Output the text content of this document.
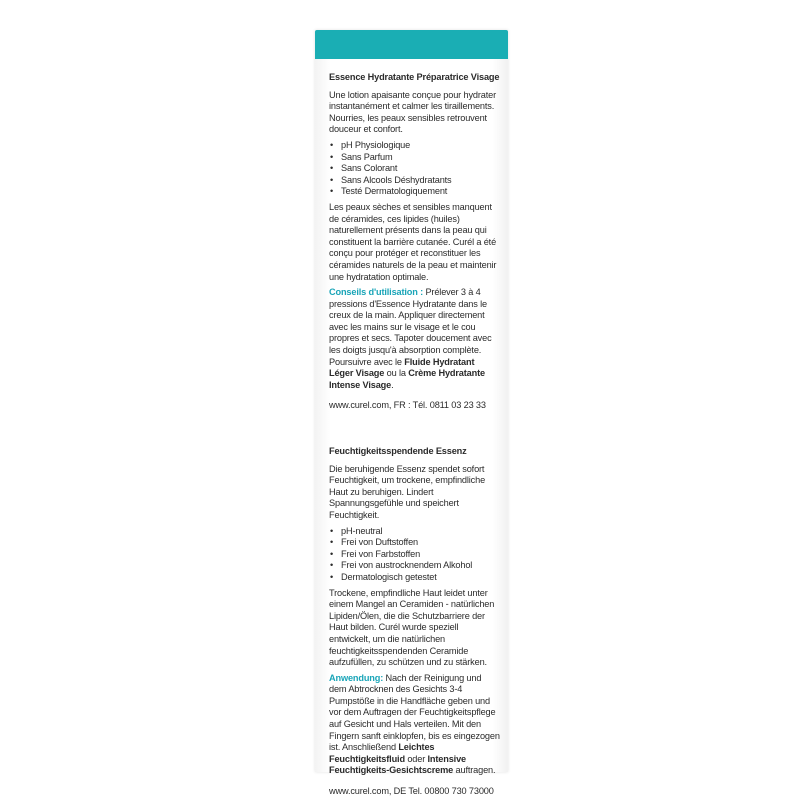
Essence Hydratante Préparatrice Visage
Une lotion apaisante conçue pour hydrater instantanément et calmer les tiraillements. Nourries, les peaux sensibles retrouvent douceur et confort.
• pH Physiologique
• Sans Parfum
• Sans Colorant
• Sans Alcools Déshydratants
• Testé Dermatologiquement
Les peaux sèches et sensibles manquent de céramides, ces lipides (huiles) naturellement présents dans la peau qui constituent la barrière cutanée. Curél a été conçu pour protéger et reconstituer les céramides naturels de la peau et maintenir une hydratation optimale.
Conseils d'utilisation : Prélever 3 à 4 pressions d'Essence Hydratante dans le creux de la main. Appliquer directement avec les mains sur le visage et le cou propres et secs. Tapoter doucement avec les doigts jusqu'à absorption complète. Poursuivre avec le Fluide Hydratant Léger Visage ou la Crème Hydratante Intense Visage.
www.curel.com, FR : Tél. 0811 03 23 33
Feuchtigkeitsspendende Essenz
Die beruhigende Essenz spendet sofort Feuchtigkeit, um trockene, empfindliche Haut zu beruhigen. Lindert Spannungsgefühle und speichert Feuchtigkeit.
• pH-neutral
• Frei von Duftstoffen
• Frei von Farbstoffen
• Frei von austrocknendem Alkohol
• Dermatologisch getestet
Trockene, empfindliche Haut leidet unter einem Mangel an Ceramiden - natürlichen Lipiden/Ölen, die die Schutzbarriere der Haut bilden. Curél wurde speziell entwickelt, um die natürlichen feuchtigkeitsspendenden Ceramide aufzufüllen, zu schützen und zu stärken.
Anwendung: Nach der Reinigung und dem Abtrocknen des Gesichts 3-4 Pumpstöße in die Handfläche geben und vor dem Auftragen der Feuchtigkeitspflege auf Gesicht und Hals verteilen. Mit den Fingern sanft einklopfen, bis es eingezogen ist. Anschließend Leichtes Feuchtigkeitsfluid oder Intensive Feuchtigkeits-Gesichtscreme auftragen.
www.curel.com, DE Tel. 00800 730 73000
